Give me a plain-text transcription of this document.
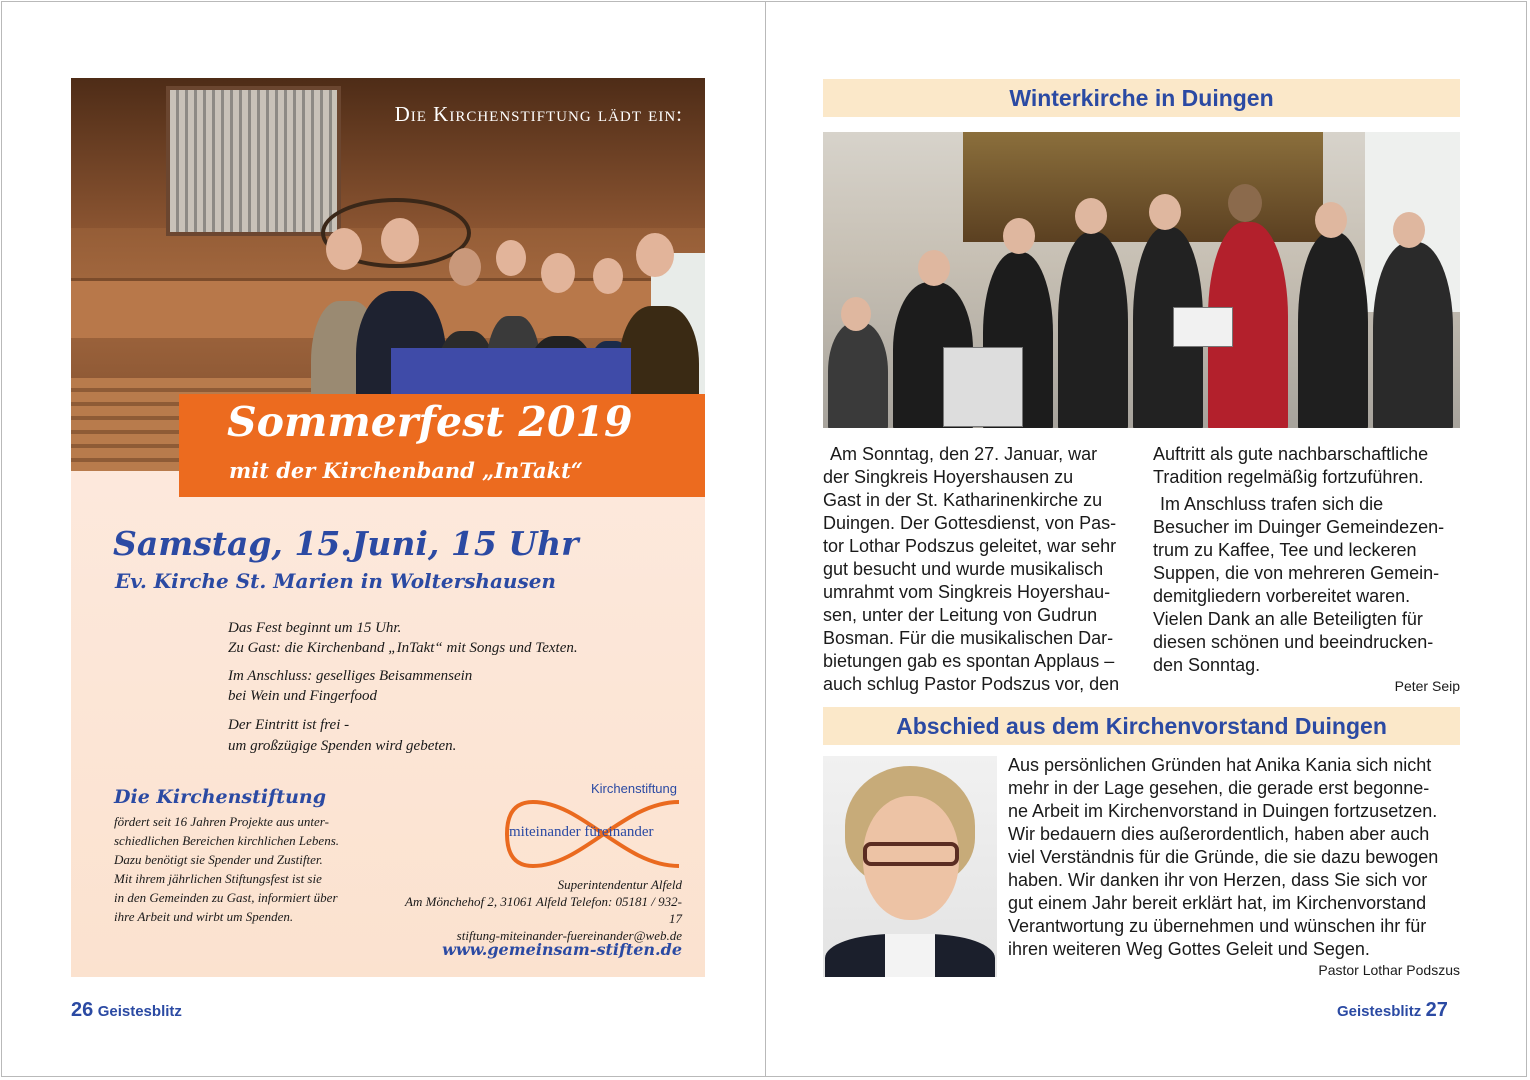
Die Kirchenstiftung lädt ein:
Sommerfest 2019
mit der Kirchenband „InTakt“
Samstag, 15.Juni, 15 Uhr
Ev. Kirche St. Marien in Woltershausen
Das Fest beginnt um 15 Uhr.
Zu Gast: die Kirchenband „InTakt“ mit Songs und Texten.
Im Anschluss: geselliges Beisammensein
bei Wein und Fingerfood
Der Eintritt ist frei -
um großzügige Spenden wird gebeten.
Die Kirchenstiftung
fördert seit 16 Jahren Projekte aus unter-
schiedlichen Bereichen kirchlichen Lebens.
Dazu benötigt sie Spender und Zustifter.
Mit ihrem jährlichen Stiftungsfest ist sie
in den Gemeinden zu Gast, informiert über
ihre Arbeit und wirbt um Spenden.
Kirchenstiftung
miteinander füreinander
Superintendentur Alfeld
Am Mönchehof 2, 31061 Alfeld Telefon: 05181 / 932-17
stiftung-miteinander-fuereinander@web.de
www.gemeinsam-stiften.de
26 Geistesblitz
Winterkirche in Duingen
Am Sonntag, den 27. Januar, war
der Singkreis Hoyershausen zu
Gast in der St. Katharinenkirche zu
Duingen. Der Gottesdienst, von Pas-
tor Lothar Podszus geleitet, war sehr
gut besucht und wurde musikalisch
umrahmt vom Singkreis Hoyershau-
sen, unter der Leitung von Gudrun
Bosman. Für die musikalischen Dar-
bietungen gab es spontan Applaus –
auch schlug Pastor Podszus vor, den
Auftritt als gute nachbarschaftliche
Tradition regelmäßig fortzuführen.
Im Anschluss trafen sich die
Besucher im Duinger Gemeindezen-
trum zu Kaffee, Tee und leckeren
Suppen, die von mehreren Gemein-
demitgliedern vorbereitet waren.
Vielen Dank an alle Beteiligten für
diesen schönen und beeindrucken-
den Sonntag.
Peter Seip
Abschied aus dem Kirchenvorstand Duingen
Aus persönlichen Gründen hat Anika Kania sich nicht
mehr in der Lage gesehen, die gerade erst begonne-
ne Arbeit im Kirchenvorstand in Duingen fortzusetzen.
Wir bedauern dies außerordentlich, haben aber auch
viel Verständnis für die Gründe, die sie dazu bewogen
haben. Wir danken ihr von Herzen, dass Sie sich vor
gut einem Jahr bereit erklärt hat, im Kirchenvorstand
Verantwortung zu übernehmen und wünschen ihr für
ihren weiteren Weg Gottes Geleit und Segen.
Pastor Lothar Podszus
Geistesblitz 27
